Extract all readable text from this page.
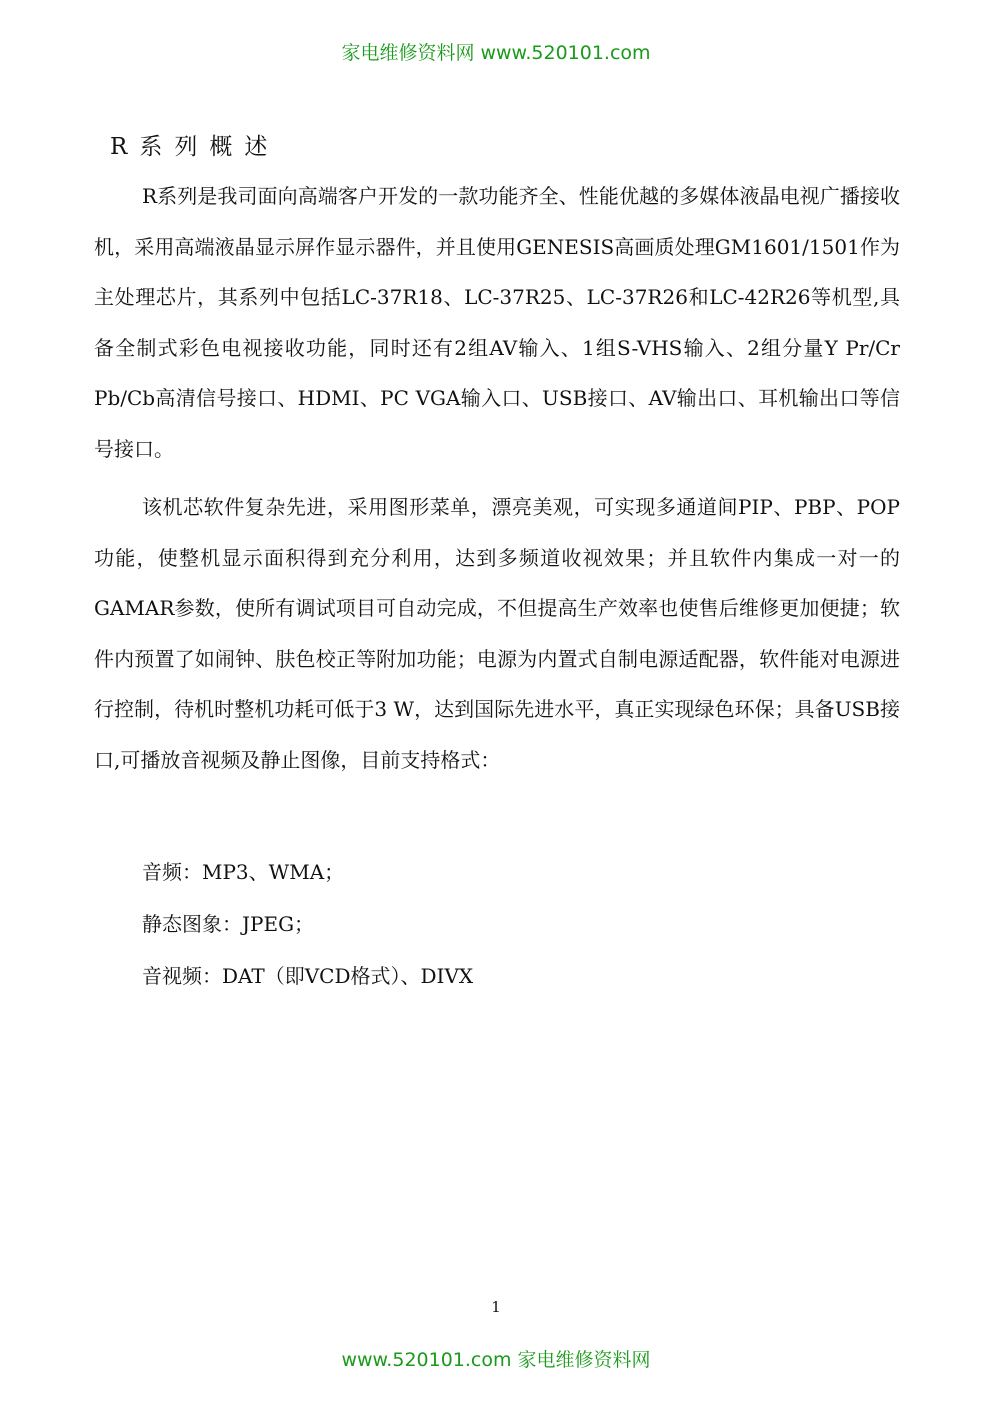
家电维修资料网 www.520101.com
R系列概述

R系列是我司面向高端客户开发的一款功能齐全、性能优越的多媒体液晶电视广播接收机，采用高端液晶显示屏作显示器件，并且使用GENESIS高画质处理GM1601/1501作为主处理芯片，其系列中包括LC-37R18、LC-37R25、LC-37R26和LC-42R26等机型,具备全制式彩色电视接收功能，同时还有2组AV输入、1组S-VHS输入、2组分量Y Pr/Cr Pb/Cb高清信号接口、HDMI、PC VGA输入口、USB接口、AV输出口、耳机输出口等信号接口。

该机芯软件复杂先进，采用图形菜单，漂亮美观，可实现多通道间PIP、PBP、POP功能，使整机显示面积得到充分利用，达到多频道收视效果；并且软件内集成一对一的GAMAR参数，使所有调试项目可自动完成，不但提高生产效率也使售后维修更加便捷；软件内预置了如闹钟、肤色校正等附加功能；电源为内置式自制电源适配器，软件能对电源进行控制，待机时整机功耗可低于3 W，达到国际先进水平，真正实现绿色环保；具备USB接口,可播放音视频及静止图像，目前支持格式：

音频：MP3、WMA；
静态图象：JPEG；
音视频：DAT（即VCD格式）、DIVX
1
www.520101.com 家电维修资料网
